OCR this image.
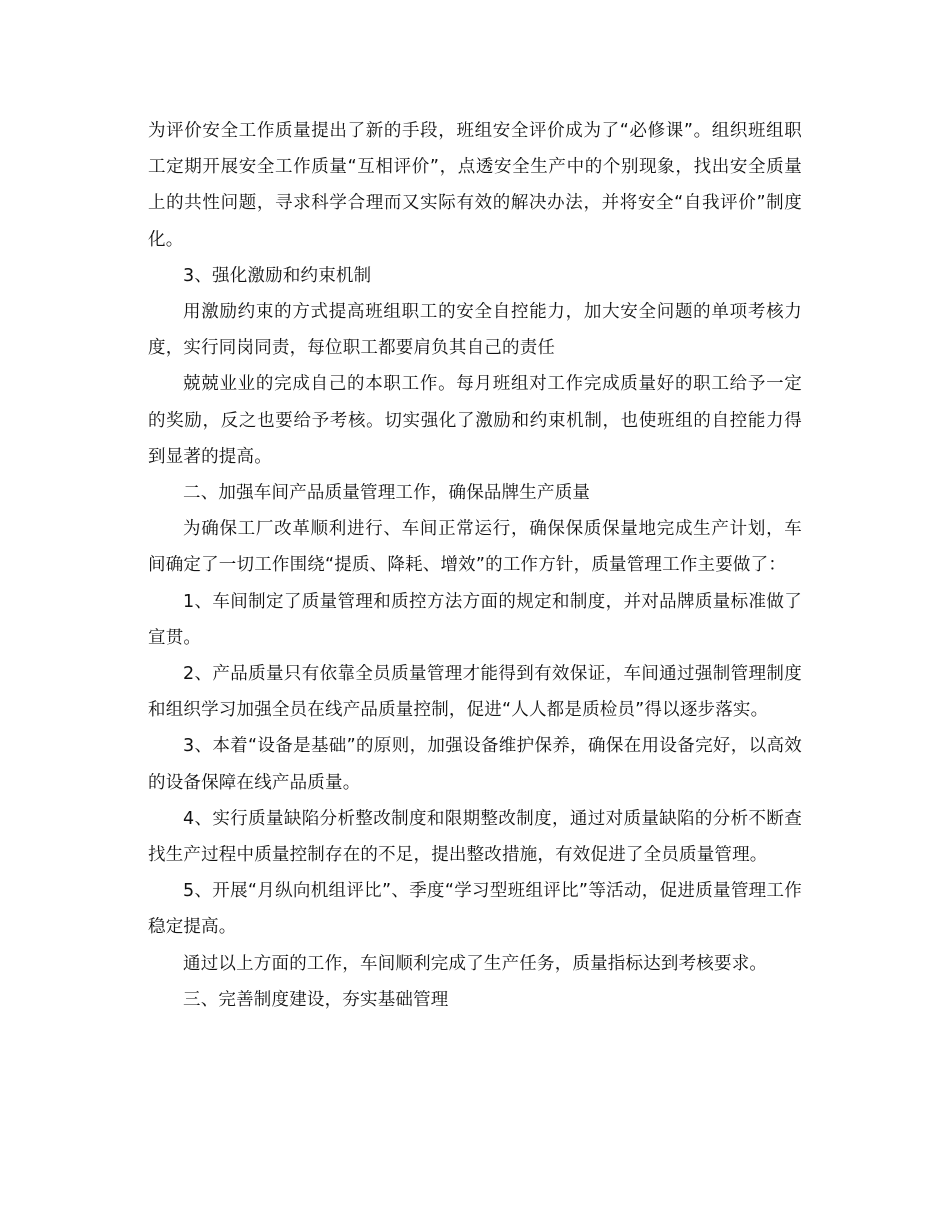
为评价安全工作质量提出了新的手段，班组安全评价成为了“必修课”。组织班组职工定期开展安全工作质量“互相评价”，点透安全生产中的个别现象，找出安全质量上的共性问题，寻求科学合理而又实际有效的解决办法，并将安全“自我评价”制度化。

3、强化激励和约束机制

用激励约束的方式提高班组职工的安全自控能力，加大安全问题的单项考核力度，实行同岗同责，每位职工都要肩负其自己的责任

兢兢业业的完成自己的本职工作。每月班组对工作完成质量好的职工给予一定的奖励，反之也要给予考核。切实强化了激励和约束机制，也使班组的自控能力得到显著的提高。

二、加强车间产品质量管理工作，确保品牌生产质量

为确保工厂改革顺利进行、车间正常运行，确保保质保量地完成生产计划，车间确定了一切工作围绕“提质、降耗、增效”的工作方针，质量管理工作主要做了：

1、车间制定了质量管理和质控方法方面的规定和制度，并对品牌质量标准做了宣贯。

2、产品质量只有依靠全员质量管理才能得到有效保证，车间通过强制管理制度和组织学习加强全员在线产品质量控制，促进“人人都是质检员”得以逐步落实。

3、本着“设备是基础”的原则，加强设备维护保养，确保在用设备完好，以高效的设备保障在线产品质量。

4、实行质量缺陷分析整改制度和限期整改制度，通过对质量缺陷的分析不断查找生产过程中质量控制存在的不足，提出整改措施，有效促进了全员质量管理。

5、开展“月纵向机组评比”、季度“学习型班组评比”等活动，促进质量管理工作稳定提高。

通过以上方面的工作，车间顺利完成了生产任务，质量指标达到考核要求。

三、完善制度建设，夯实基础管理
